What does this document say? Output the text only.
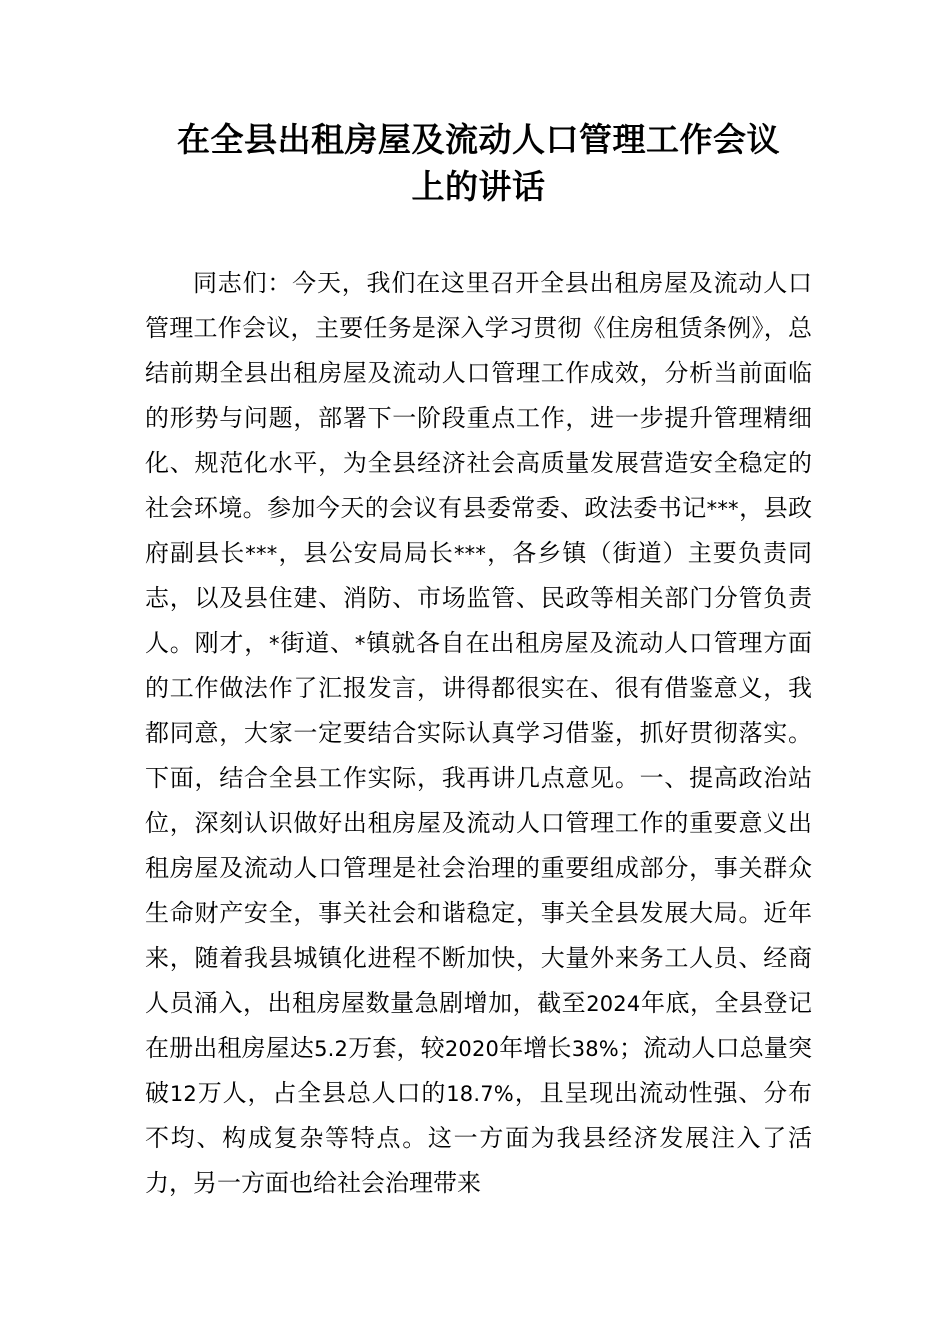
在全县出租房屋及流动人口管理工作会议
上的讲话

同志们：今天，我们在这里召开全县出租房屋及流动人口管理工作会议，主要任务是深入学习贯彻《住房租赁条例》，总结前期全县出租房屋及流动人口管理工作成效，分析当前面临的形势与问题，部署下一阶段重点工作，进一步提升管理精细化、规范化水平，为全县经济社会高质量发展营造安全稳定的社会环境。参加今天的会议有县委常委、政法委书记***，县政府副县长***，县公安局局长***，各乡镇（街道）主要负责同志，以及县住建、消防、市场监管、民政等相关部门分管负责人。刚才，*街道、*镇就各自在出租房屋及流动人口管理方面的工作做法作了汇报发言，讲得都很实在、很有借鉴意义，我都同意，大家一定要结合实际认真学习借鉴，抓好贯彻落实。下面，结合全县工作实际，我再讲几点意见。一、提高政治站位，深刻认识做好出租房屋及流动人口管理工作的重要意义出租房屋及流动人口管理是社会治理的重要组成部分，事关群众生命财产安全，事关社会和谐稳定，事关全县发展大局。近年来，随着我县城镇化进程不断加快，大量外来务工人员、经商人员涌入，出租房屋数量急剧增加，截至2024年底，全县登记在册出租房屋达5.2万套，较2020年增长38%；流动人口总量突破12万人，占全县总人口的18.7%，且呈现出流动性强、分布不均、构成复杂等特点。这一方面为我县经济发展注入了活力，另一方面也给社会治理带来
